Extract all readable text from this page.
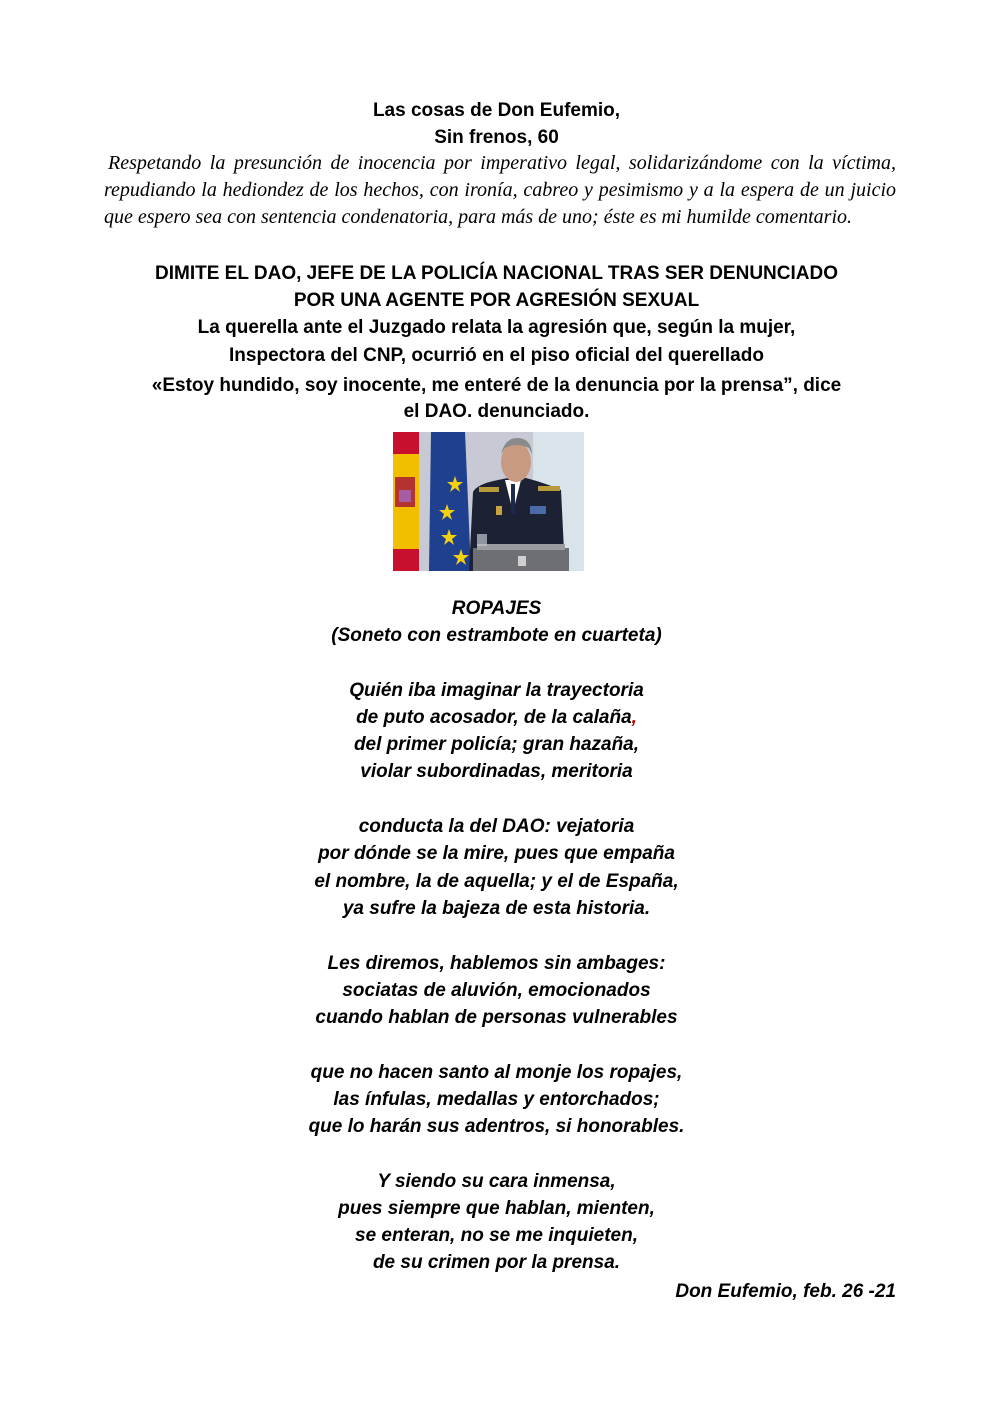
Las cosas de Don Eufemio,
Sin frenos, 60
Respetando la presunción de inocencia por imperativo legal, solidarizándome con la víctima, repudiando la hediondez de los hechos, con ironía, cabreo y pesimismo y a la espera de un juicio que espero sea con sentencia condenatoria, para más de uno; éste es mi humilde comentario.
DIMITE EL DAO, JEFE DE LA POLICÍA NACIONAL TRAS SER DENUNCIADO
POR UNA AGENTE POR AGRESIÓN SEXUAL
La querella ante el Juzgado relata la agresión que, según la mujer,
Inspectora del CNP, ocurrió en el piso oficial del querellado
«Estoy hundido, soy inocente, me enteré de la denuncia por la prensa”, dice
el DAO. denunciado.
ROPAJES
(Soneto con estrambote en cuarteta)
Quién iba imaginar la trayectoria
de puto acosador, de la calaña,
del primer policía; gran hazaña,
violar subordinadas, meritoria
conducta la del DAO: vejatoria
por dónde se la mire, pues que empaña
el nombre, la de aquella; y el de España,
ya sufre la bajeza de esta historia.
Les diremos, hablemos sin ambages:
sociatas de aluvión, emocionados
cuando hablan de personas vulnerables
que no hacen santo al monje los ropajes,
las ínfulas, medallas y entorchados;
que lo harán sus adentros, si honorables.
Y siendo su cara inmensa,
pues siempre que hablan, mienten,
se enteran, no se me inquieten,
de su crimen por la prensa.
Don Eufemio, feb. 26 -21
